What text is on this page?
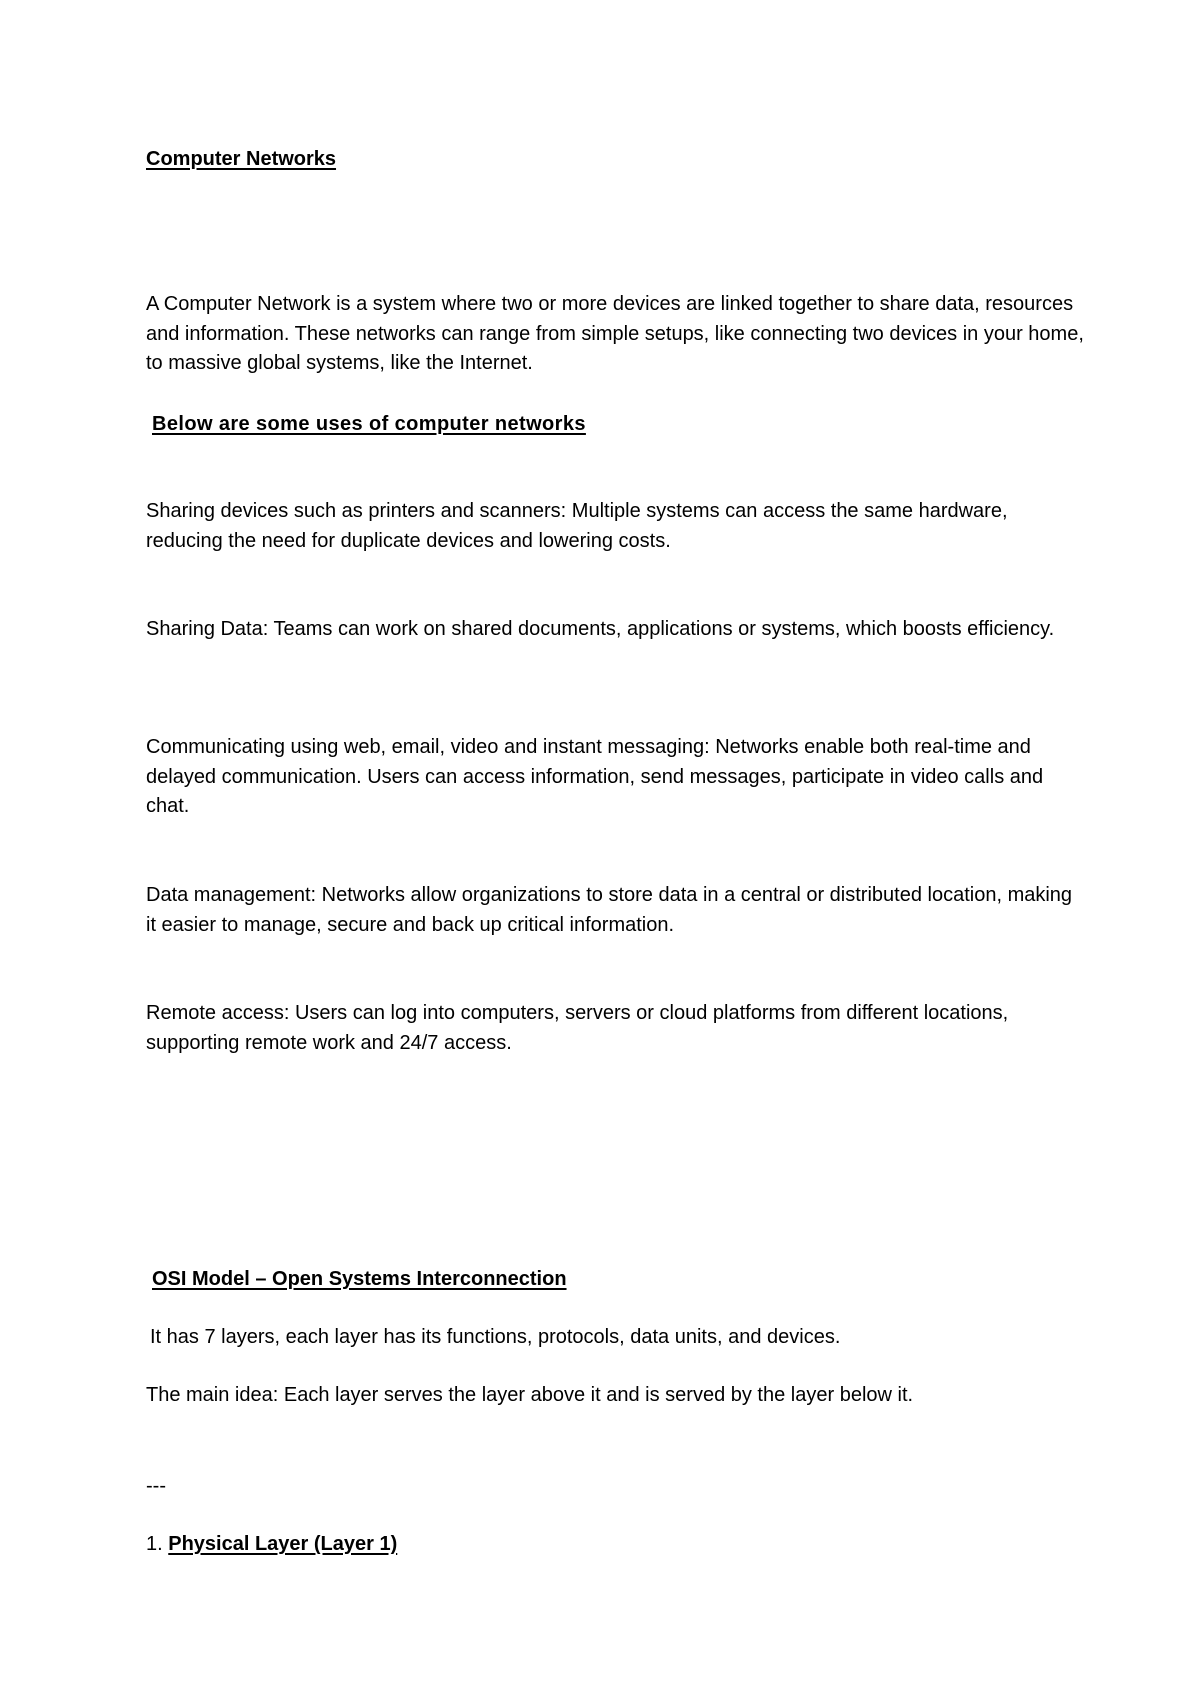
Computer Networks

A Computer Network is a system where two or more devices are linked together to share data, resources and information. These networks can range from simple setups, like connecting two devices in your home, to massive global systems, like the Internet.

Below are some uses of computer networks

Sharing devices such as printers and scanners: Multiple systems can access the same hardware, reducing the need for duplicate devices and lowering costs.

Sharing Data: Teams can work on shared documents, applications or systems, which boosts efficiency.

Communicating using web, email, video and instant messaging: Networks enable both real-time and delayed communication. Users can access information, send messages, participate in video calls and chat.

Data management: Networks allow organizations to store data in a central or distributed location, making it easier to manage, secure and back up critical information.

Remote access: Users can log into computers, servers or cloud platforms from different locations, supporting remote work and 24/7 access.

OSI Model – Open Systems Interconnection

It has 7 layers, each layer has its functions, protocols, data units, and devices.

The main idea: Each layer serves the layer above it and is served by the layer below it.

---

1. Physical Layer (Layer 1)
